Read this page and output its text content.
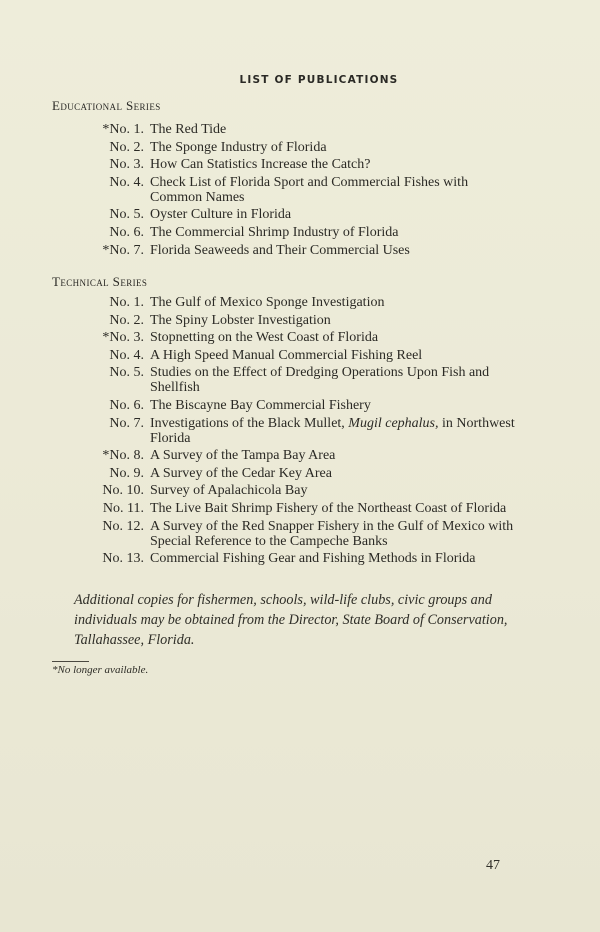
LIST OF PUBLICATIONS
Educational Series
*No. 1. The Red Tide
No. 2. The Sponge Industry of Florida
No. 3. How Can Statistics Increase the Catch?
No. 4. Check List of Florida Sport and Commercial Fishes with Common Names
No. 5. Oyster Culture in Florida
No. 6. The Commercial Shrimp Industry of Florida
*No. 7. Florida Seaweeds and Their Commercial Uses
Technical Series
No. 1. The Gulf of Mexico Sponge Investigation
No. 2. The Spiny Lobster Investigation
*No. 3. Stopnetting on the West Coast of Florida
No. 4. A High Speed Manual Commercial Fishing Reel
No. 5. Studies on the Effect of Dredging Operations Upon Fish and Shellfish
No. 6. The Biscayne Bay Commercial Fishery
No. 7. Investigations of the Black Mullet, Mugil cephalus, in Northwest Florida
*No. 8. A Survey of the Tampa Bay Area
No. 9. A Survey of the Cedar Key Area
No. 10. Survey of Apalachicola Bay
No. 11. The Live Bait Shrimp Fishery of the Northeast Coast of Florida
No. 12. A Survey of the Red Snapper Fishery in the Gulf of Mexico with Special Reference to the Campeche Banks
No. 13. Commercial Fishing Gear and Fishing Methods in Florida
Additional copies for fishermen, schools, wild-life clubs, civic groups and individuals may be obtained from the Director, State Board of Conservation, Tallahassee, Florida.
*No longer available.
47
